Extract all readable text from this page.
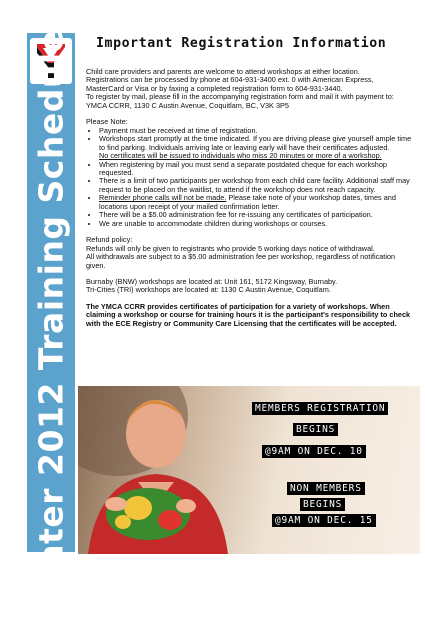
Winter 2012 Training Schedule Important Registration Information

Child care providers and parents are welcome to attend workshops at either location.

Registrations can be processed by phone at 604-931-3400 ext. 0 with American Express,

MasterCard or Visa or by faxing a completed registration form to 604-931-3440.

To register by mail, please fill in the accompanying registration form and mail it with payment to:

YMCA CCRR, 1130 C Austin Avenue, Coquitlam, BC, V3K 3P5

Please Note:

• Payment must be received at time of registration.
• Workshops start promptly at the time indicated. If you are driving please give yourself ample time to find parking. Individuals arriving late or leaving early will have their certificates adjusted.
No certificates will be issued to individuals who miss 20 minutes or more of a workshop.
• When registering by mail you must send a separate postdated cheque for each workshop requested.
• There is a limit of two participants per workshop from each child care facility. Additional staff may request to be placed on the waitlist, to attend if the workshop does not reach capacity.
• Reminder phone calls will not be made. Please take note of your workshop dates, times and locations upon receipt of your mailed confirmation letter.
• There will be a $5.00 administration fee for re-issuing any certificates of participation.
• We are unable to accommodate children during workshops or courses.

Refund policy:

Refunds will only be given to registrants who provide 5 working days notice of withdrawal.

All withdrawals are subject to a $5.00 administration fee per workshop, regardless of notification given.

Burnaby (BNW) workshops are located at: Unit 161, 5172 Kingsway, Burnaby.

Tri-Cities (TRI) workshops are located at: 1130 C Austin Avenue, Coquitlam.

The YMCA CCRR provides certificates of participation for a variety of workshops. When claiming a workshop or course for training hours it is the participant's responsibility to check with the ECE Registry or Community Care Licensing that the certificates will be accepted.

MEMBERS REGISTRATION
BEGINS
@9AM ON DEC. 10
NON MEMBERS
BEGINS
@9AM ON DEC. 15
